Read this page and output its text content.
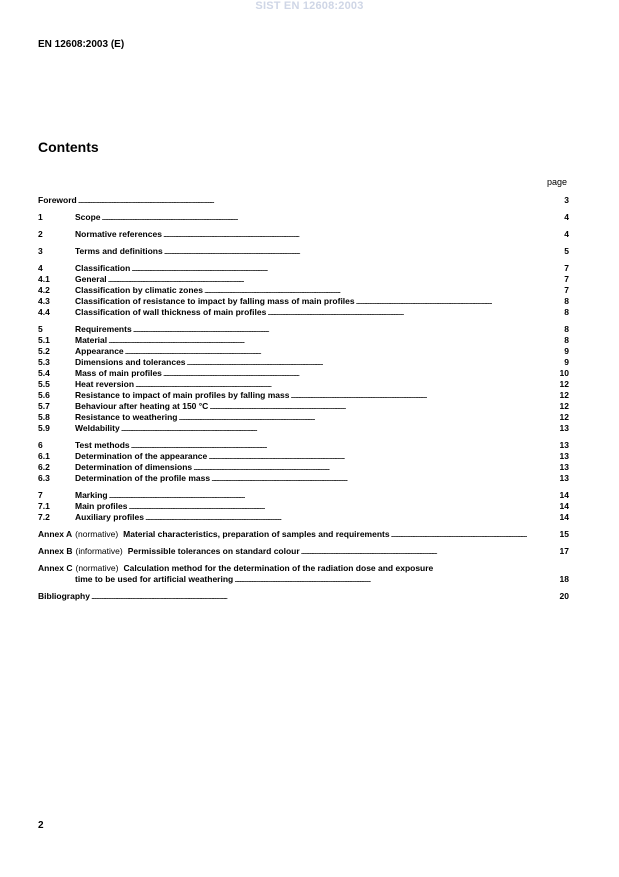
SIST EN 12608:2003
EN 12608:2003 (E)
Contents
page
Foreword . . .	3
1	Scope . . .	4
2	Normative references . . .	4
3	Terms and definitions . . .	5
4	Classification . . .	7
4.1	General . . .	7
4.2	Classification by climatic zones . . .	7
4.3	Classification of resistance to impact by falling mass of main profiles . . .	8
4.4	Classification of wall thickness of main profiles . . .	8
5	Requirements . . .	8
5.1	Material . . .	8
5.2	Appearance . . .	9
5.3	Dimensions and tolerances . . .	9
5.4	Mass of main profiles . . .	10
5.5	Heat reversion . . .	12
5.6	Resistance to impact of main profiles by falling mass . . .	12
5.7	Behaviour after heating at 150 °C . . .	12
5.8	Resistance to weathering . . .	12
5.9	Weldability . . .	13
6	Test methods . . .	13
6.1	Determination of the appearance . . .	13
6.2	Determination of dimensions . . .	13
6.3	Determination of the profile mass . . .	13
7	Marking . . .	14
7.1	Main profiles . . .	14
7.2	Auxiliary profiles . . .	14
Annex A (normative) Material characteristics, preparation of samples and requirements . . .	15
Annex B (informative) Permissible tolerances on standard colour . . .	17
Annex C (normative) Calculation method for the determination of the radiation dose and exposure
time to be used for artificial weathering . . .	18
Bibliography . . .	20
2
